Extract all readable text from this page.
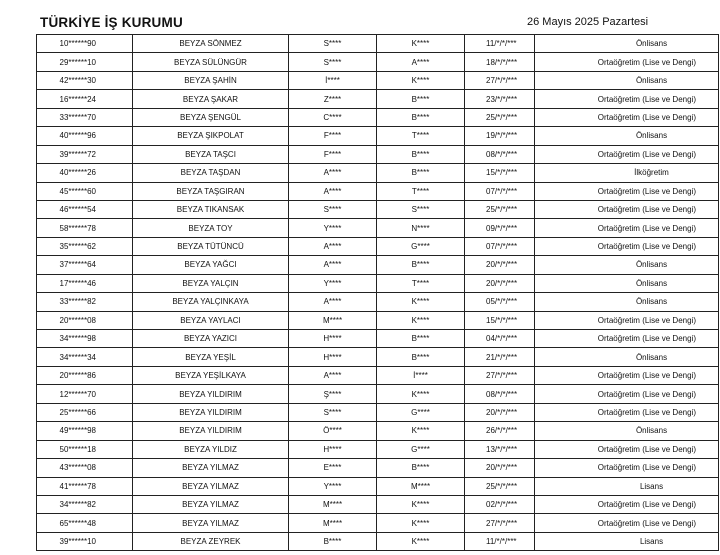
TÜRKİYE İŞ KURUMU	26 Mayıs 2025 Pazartesi
10******90	BEYZA SÖNMEZ	S****	K****	11/*/*/***	Önlisans
29******10	BEYZA SÜLÜNGÜR	S****	A****	18/*/*/***	Ortaöğretim (Lise ve Dengi)
42******30	BEYZA ŞAHİN	İ****	K****	27/*/*/***	Önlisans
16******24	BEYZA ŞAKAR	Z****	B****	23/*/*/***	Ortaöğretim (Lise ve Dengi)
33******70	BEYZA ŞENGÜL	C****	B****	25/*/*/***	Ortaöğretim (Lise ve Dengi)
40******96	BEYZA ŞIKPOLAT	F****	T****	19/*/*/***	Önlisans
39******72	BEYZA TAŞCI	F****	B****	08/*/*/***	Ortaöğretim (Lise ve Dengi)
40******26	BEYZA TAŞDAN	A****	B****	15/*/*/***	İlköğretim
45******60	BEYZA TAŞGIRAN	A****	T****	07/*/*/***	Ortaöğretim (Lise ve Dengi)
46******54	BEYZA TIKANSAK	S****	S****	25/*/*/***	Ortaöğretim (Lise ve Dengi)
58******78	BEYZA TOY	Y****	N****	09/*/*/***	Ortaöğretim (Lise ve Dengi)
35******62	BEYZA TÜTÜNCÜ	A****	G****	07/*/*/***	Ortaöğretim (Lise ve Dengi)
37******64	BEYZA YAĞCI	A****	B****	20/*/*/***	Önlisans
17******46	BEYZA YALÇIN	Y****	T****	20/*/*/***	Önlisans
33******82	BEYZA YALÇINKAYA	A****	K****	05/*/*/***	Önlisans
20******08	BEYZA YAYLACI	M****	K****	15/*/*/***	Ortaöğretim (Lise ve Dengi)
34******98	BEYZA YAZICI	H****	B****	04/*/*/***	Ortaöğretim (Lise ve Dengi)
34******34	BEYZA YEŞİL	H****	B****	21/*/*/***	Önlisans
20******86	BEYZA YEŞİLKAYA	A****	İ****	27/*/*/***	Ortaöğretim (Lise ve Dengi)
12******70	BEYZA YILDIRIM	Ş****	K****	08/*/*/***	Ortaöğretim (Lise ve Dengi)
25******66	BEYZA YILDIRIM	S****	G****	20/*/*/***	Ortaöğretim (Lise ve Dengi)
49******98	BEYZA YILDIRIM	Ö****	K****	26/*/*/***	Önlisans
50******18	BEYZA YILDIZ	H****	G****	13/*/*/***	Ortaöğretim (Lise ve Dengi)
43******08	BEYZA YILMAZ	E****	B****	20/*/*/***	Ortaöğretim (Lise ve Dengi)
41******78	BEYZA YILMAZ	Y****	M****	25/*/*/***	Lisans
34******82	BEYZA YILMAZ	M****	K****	02/*/*/***	Ortaöğretim (Lise ve Dengi)
65******48	BEYZA YILMAZ	M****	K****	27/*/*/***	Ortaöğretim (Lise ve Dengi)
39******10	BEYZA ZEYREK	B****	K****	11/*/*/***	Lisans
